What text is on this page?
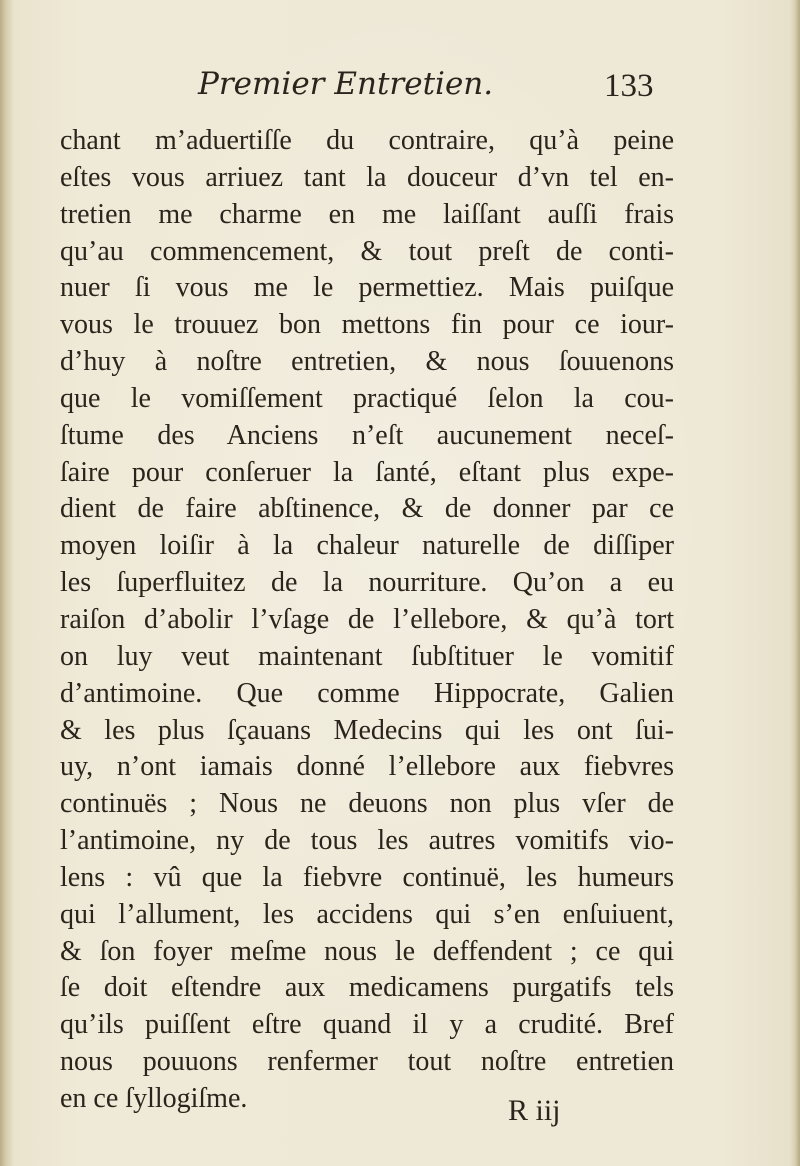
Premier Entretien.	133
chant m’aduertiſſe du contraire, qu’à peine
eſtes vous arriuez tant la douceur d’vn tel en-
tretien me charme en me laiſſant auſſi frais
qu’au commencement, & tout preſt de conti-
nuer ſi vous me le permettiez. Mais puiſque
vous le trouuez bon mettons fin pour ce iour-
d’huy à noſtre entretien, & nous ſouuenons
que le vomiſſement pra‌ctiqué ſelon la cou-
ſtume des Anciens n’eſt aucunement neceſ-
ſaire pour conſeruer la ſanté, eſtant plus expe-
dient de faire abſtinence, & de donner par ce
moyen loiſir à la chaleur naturelle de diſſiper
les ſuperfluitez de la nourriture. Qu’on a eu
raiſon d’abolir l’vſage de l’ellebore, & qu’à tort
on luy veut maintenant ſubſtituer le vomitif
d’antimoine. Que comme Hippocrate, Galien
& les plus ſçauans Medecins qui les ont ſui-
uy, n’ont iamais donné l’ellebore aux fiebvres
continuës ; Nous ne deuons non plus vſer de
l’antimoine, ny de tous les autres vomitifs vio-
lens : vû que la fiebvre continuë, les humeurs
qui l’allument, les accidens qui s’en enſuiuent,
& ſon foyer meſme nous le deffendent ; ce qui
ſe doit eſtendre aux medicamens purgatifs tels
qu’ils puiſſent eſtre quand il y a crudité. Bref
nous pouuons renfermer tout noſtre entretien
en ce ſyllogiſme.	R iij
